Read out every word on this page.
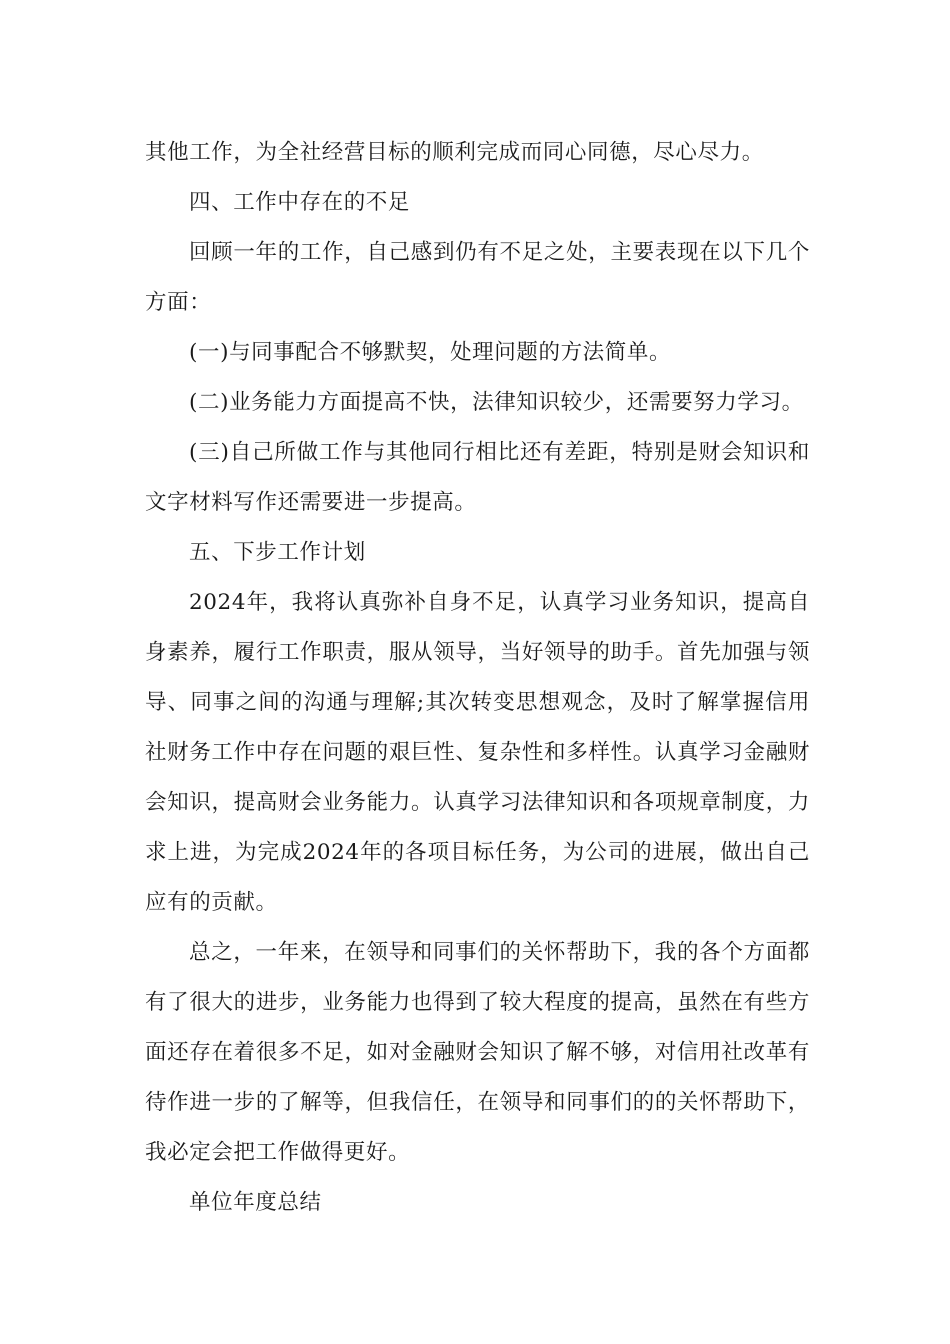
其他工作，为全社经营目标的顺利完成而同心同德，尽心尽力。

四、工作中存在的不足

回顾一年的工作，自己感到仍有不足之处，主要表现在以下几个方面：

(一)与同事配合不够默契，处理问题的方法简单。

(二)业务能力方面提高不快，法律知识较少，还需要努力学习。

(三)自己所做工作与其他同行相比还有差距，特别是财会知识和文字材料写作还需要进一步提高。

五、下步工作计划

2024年，我将认真弥补自身不足，认真学习业务知识，提高自身素养，履行工作职责，服从领导，当好领导的助手。首先加强与领导、同事之间的沟通与理解;其次转变思想观念，及时了解掌握信用社财务工作中存在问题的艰巨性、复杂性和多样性。认真学习金融财会知识，提高财会业务能力。认真学习法律知识和各项规章制度，力求上进，为完成2024年的各项目标任务，为公司的进展，做出自己应有的贡献。

总之，一年来，在领导和同事们的关怀帮助下，我的各个方面都有了很大的进步，业务能力也得到了较大程度的提高，虽然在有些方面还存在着很多不足，如对金融财会知识了解不够，对信用社改革有待作进一步的了解等，但我信任，在领导和同事们的的关怀帮助下，我必定会把工作做得更好。

单位年度总结
